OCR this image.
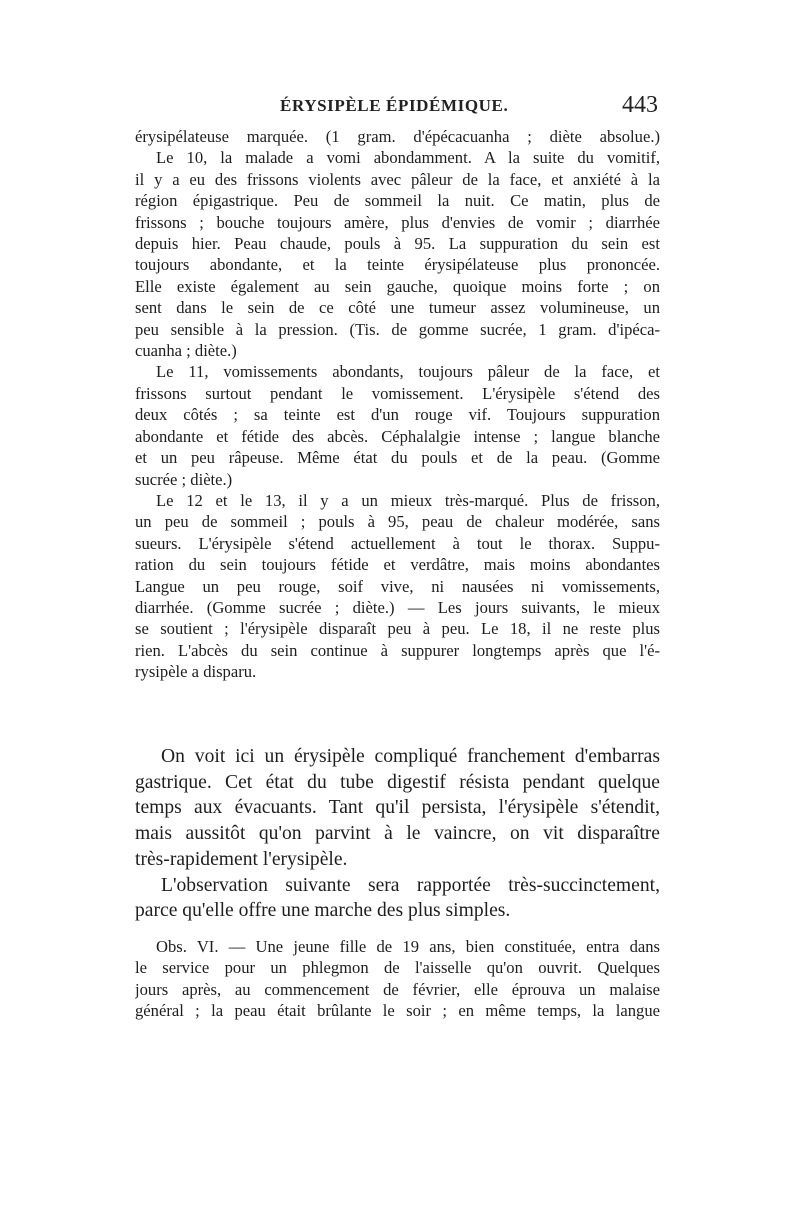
ÉRYSIPÈLE ÉPIDÉMIQUE.	443
érysipélateuse marquée. (1 gram. d'épécacuanha ; diète absolue.)
Le 10, la malade a vomi abondamment. A la suite du vomitif,
il y a eu des frissons violents avec pâleur de la face, et anxiété à la
région épigastrique. Peu de sommeil la nuit. Ce matin, plus de
frissons ; bouche toujours amère, plus d'envies de vomir ; diarrhée
depuis hier. Peau chaude, pouls à 95. La suppuration du sein est
toujours abondante, et la teinte érysipélateuse plus prononcée.
Elle existe également au sein gauche, quoique moins forte ; on
sent dans le sein de ce côté une tumeur assez volumineuse, un
peu sensible à la pression. (Tis. de gomme sucrée, 1 gram. d'ipéca-
cuanha ; diète.)
Le 11, vomissements abondants, toujours pâleur de la face, et
frissons surtout pendant le vomissement. L'érysipèle s'étend des
deux côtés ; sa teinte est d'un rouge vif. Toujours suppuration
abondante et fétide des abcès. Céphalalgie intense ; langue blanche
et un peu râpeuse. Même état du pouls et de la peau. (Gomme
sucrée ; diète.)
Le 12 et le 13, il y a un mieux très-marqué. Plus de frisson,
un peu de sommeil ; pouls à 95, peau de chaleur modérée, sans
sueurs. L'érysipèle s'étend actuellement à tout le thorax. Suppu-
ration du sein toujours fétide et verdâtre, mais moins abondantes
Langue un peu rouge, soif vive, ni nausées ni vomissements,
diarrhée. (Gomme sucrée ; diète.) — Les jours suivants, le mieux
se soutient ; l'érysipèle disparaît peu à peu. Le 18, il ne reste plus
rien. L'abcès du sein continue à suppurer longtemps après que l'é-
rysipèle a disparu.
On voit ici un érysipèle compliqué franchement d'embarras
gastrique. Cet état du tube digestif résista pendant quelque
temps aux évacuants. Tant qu'il persista, l'érysipèle s'étendit,
mais aussitôt qu'on parvint à le vaincre, on vit disparaître
très-rapidement l'erysipèle.
L'observation suivante sera rapportée très-succinctement,
parce qu'elle offre une marche des plus simples.
Obs. VI. — Une jeune fille de 19 ans, bien constituée, entra dans
le service pour un phlegmon de l'aisselle qu'on ouvrit. Quelques
jours après, au commencement de février, elle éprouva un malaise
général ; la peau était brûlante le soir ; en même temps, la langue
